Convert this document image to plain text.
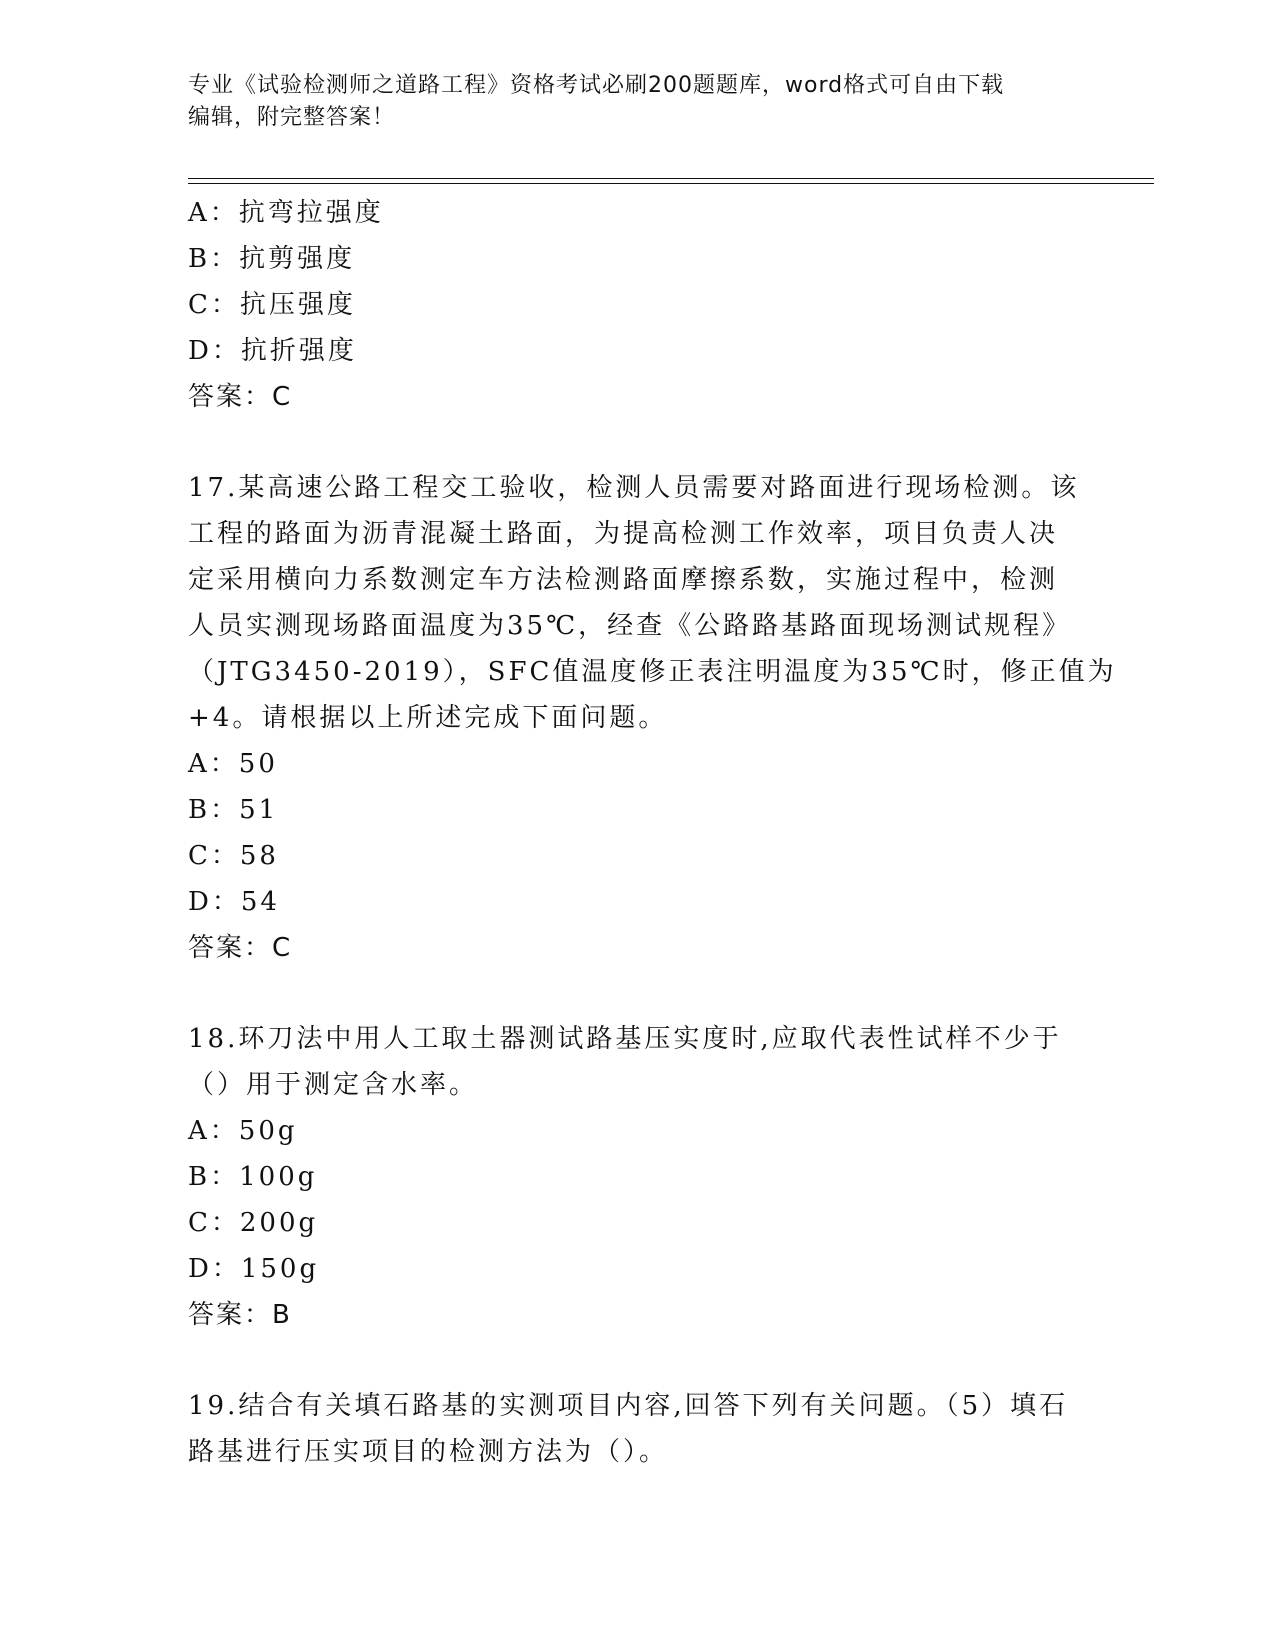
专业《试验检测师之道路工程》资格考试必刷200题题库，word格式可自由下载
编辑，附完整答案！
A：抗弯拉强度
B：抗剪强度
C：抗压强度
D：抗折强度
答案：C
17.某高速公路工程交工验收，检测人员需要对路面进行现场检测。该
工程的路面为沥青混凝土路面，为提高检测工作效率，项目负责人决
定采用横向力系数测定车方法检测路面摩擦系数，实施过程中，检测
人员实测现场路面温度为35℃，经查《公路路基路面现场测试规程》
（JTG3450-2019），SFC值温度修正表注明温度为35℃时，修正值为
+4。请根据以上所述完成下面问题。
A：50
B：51
C：58
D：54
答案：C
18.环刀法中用人工取土器测试路基压实度时,应取代表性试样不少于
（）用于测定含水率。
A：50g
B：100g
C：200g
D：150g
答案：B
19.结合有关填石路基的实测项目内容,回答下列有关问题。（5）填石
路基进行压实项目的检测方法为（）。
